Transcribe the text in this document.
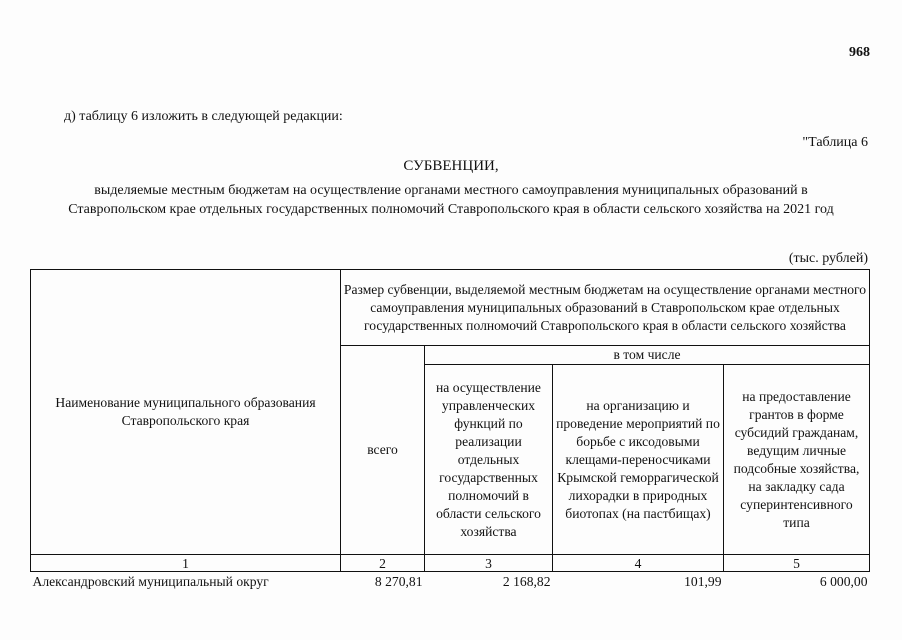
968
д) таблицу 6 изложить в следующей редакции:
"Таблица 6
СУБВЕНЦИИ,
выделяемые местным бюджетам на осуществление органами местного самоуправления муниципальных образований в Ставропольском крае отдельных государственных полномочий Ставропольского края в области сельского хозяйства на 2021 год
(тыс. рублей)
Наименование муниципального образования Ставропольского края	Размер субвенции, выделяемой местным бюджетам на осуществление органами местного самоуправления муниципальных образований в Ставропольском крае отдельных государственных полномочий Ставропольского края в области сельского хозяйства			
	всего	в том числе		
		на осуществление управленческих функций по реализации отдельных государственных полномочий в области сельского хозяйства	на организацию и проведение мероприятий по борьбе с иксодовыми клещами-переносчиками Крымской геморрагической лихорадки в природных биотопах (на пастбищах)	на предоставление грантов в форме субсидий гражданам, ведущим личные подсобные хозяйства, на закладку сада суперинтенсивного типа
1	2	3	4	5
Александровский муниципальный округ	8 270,81	2 168,82	101,99	6 000,00
